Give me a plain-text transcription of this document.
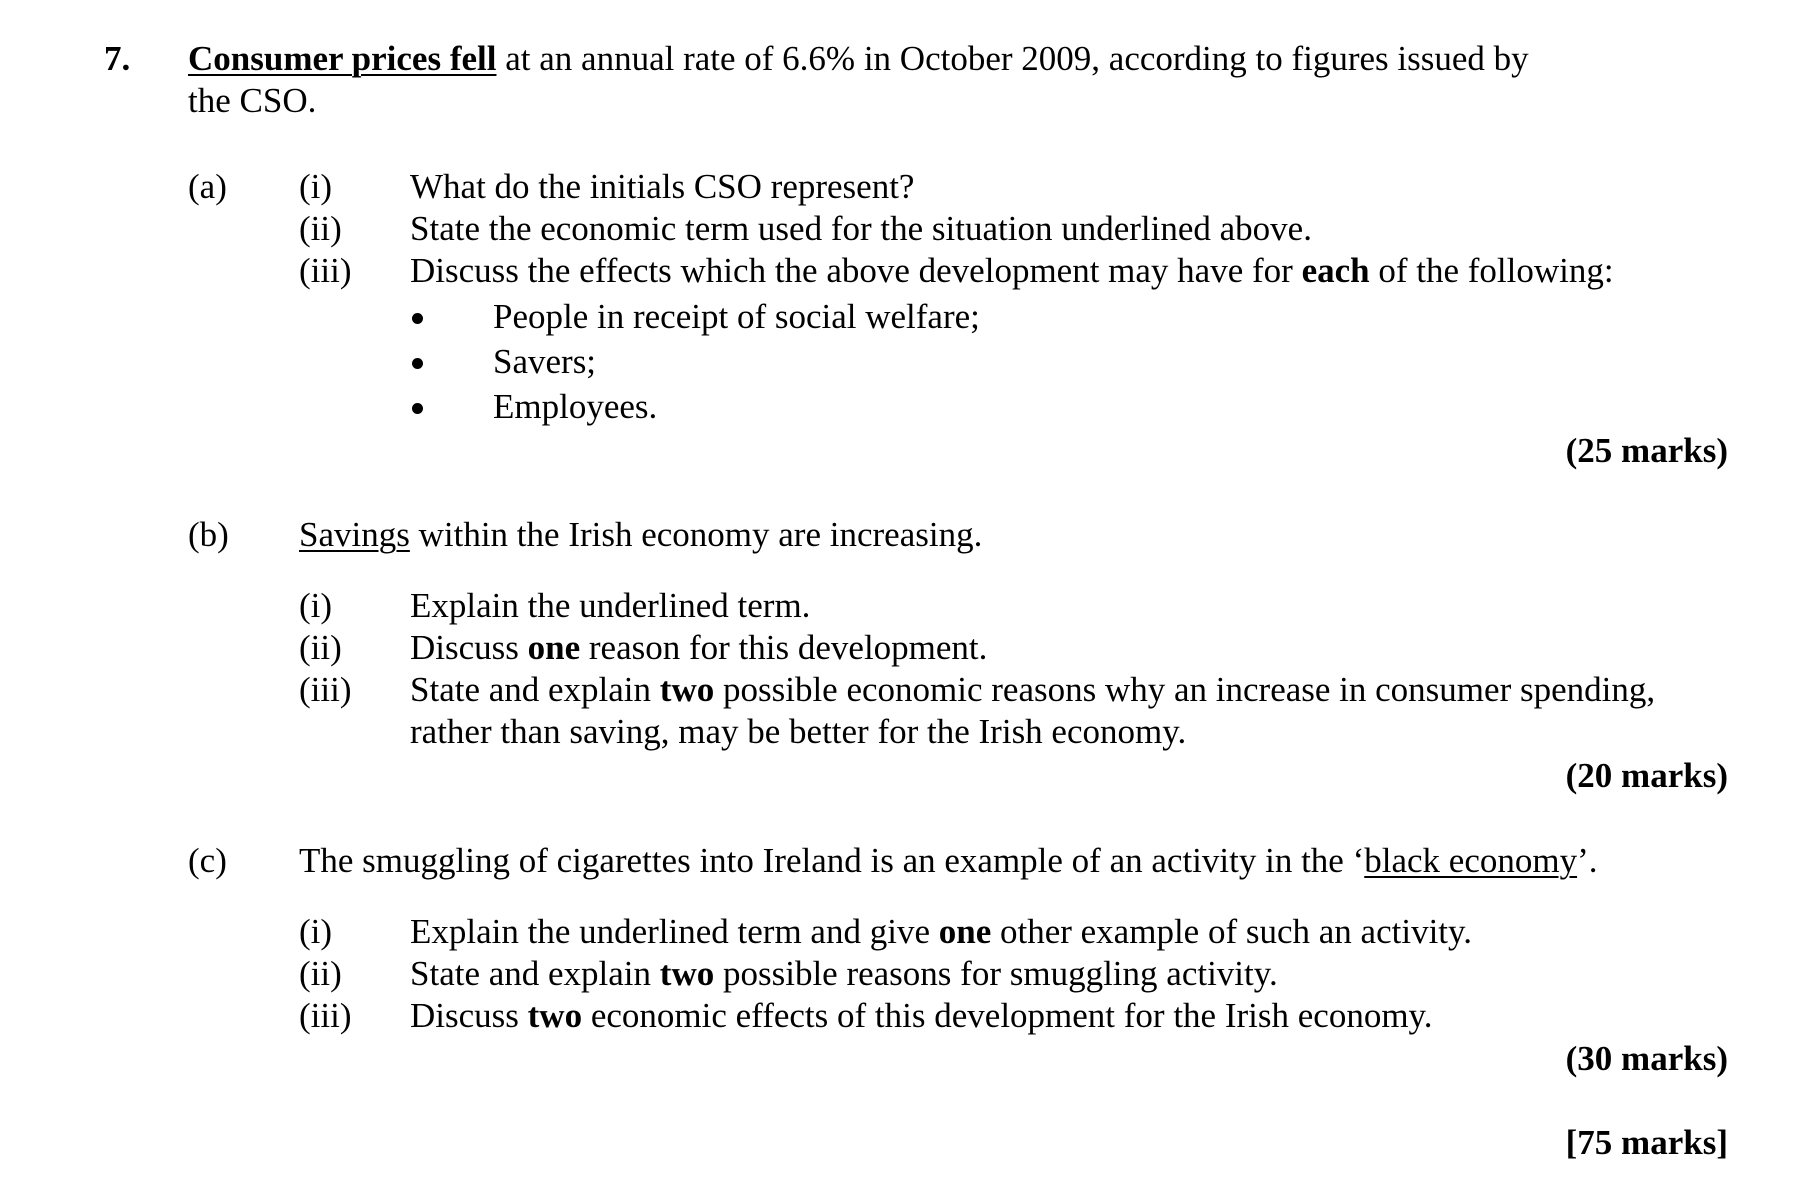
7. Consumer prices fell at an annual rate of 6.6% in October 2009, according to figures issued by
the CSO.
(a) (i) What do the initials CSO represent?
(ii) State the economic term used for the situation underlined above.
(iii) Discuss the effects which the above development may have for each of the following:
People in receipt of social welfare;
Savers;
Employees.
(25 marks)
(b) Savings within the Irish economy are increasing.
(i) Explain the underlined term.
(ii) Discuss one reason for this development.
(iii) State and explain two possible economic reasons why an increase in consumer spending,
rather than saving, may be better for the Irish economy.
(20 marks)
(c) The smuggling of cigarettes into Ireland is an example of an activity in the ‘black economy’.
(i) Explain the underlined term and give one other example of such an activity.
(ii) State and explain two possible reasons for smuggling activity.
(iii) Discuss two economic effects of this development for the Irish economy.
(30 marks)
[75 marks]
